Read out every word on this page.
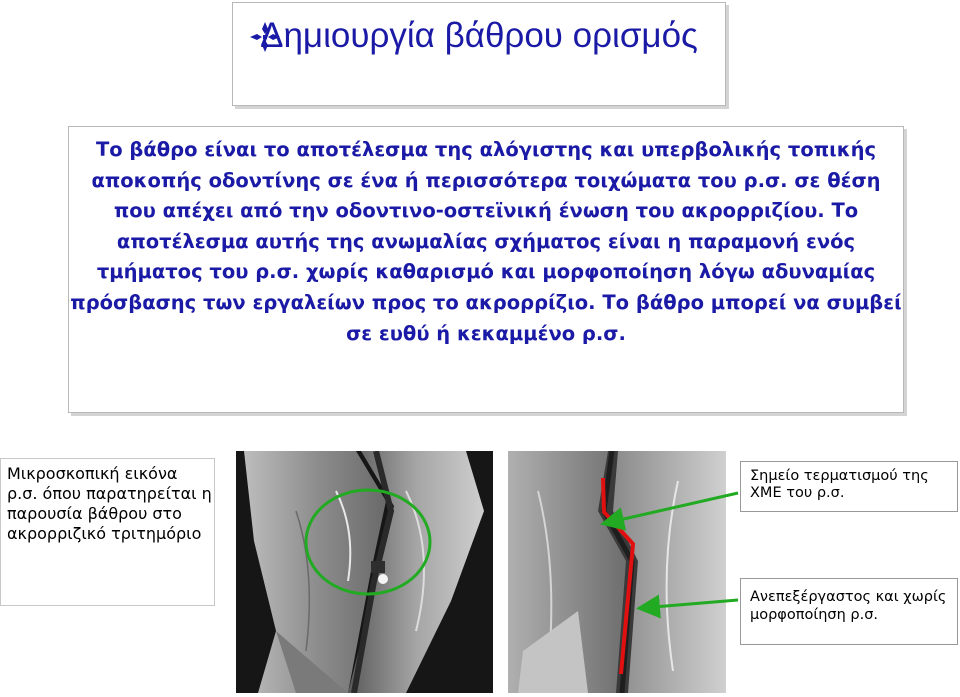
Δημιουργία βάθρου ορισμός

Το βάθρο είναι το αποτέλεσμα της αλόγιστης και υπερβολικής τοπικής αποκοπής οδοντίνης σε ένα ή περισσότερα τοιχώματα του ρ.σ. σε θέση που απέχει από την οδοντινο-οστεϊνική ένωση του ακρορριζίου. Το αποτέλεσμα αυτής της ανωμαλίας σχήματος είναι η παραμονή ενός τμήματος του ρ.σ. χωρίς καθαρισμό και μορφοποίηση λόγω αδυναμίας πρόσβασης των εργαλείων προς το ακρορρίζιο. Το βάθρο μπορεί να συμβεί σε ευθύ ή κεκαμμένο ρ.σ.

Μικροσκοπική εικόνα ρ.σ. όπου παρατηρείται η παρουσία βάθρου στο ακρορριζικό τριτημόριο
Σημείο τερματισμού της ΧΜΕ του ρ.σ.
Ανεπεξέργαστος και χωρίς μορφοποίηση ρ.σ.
